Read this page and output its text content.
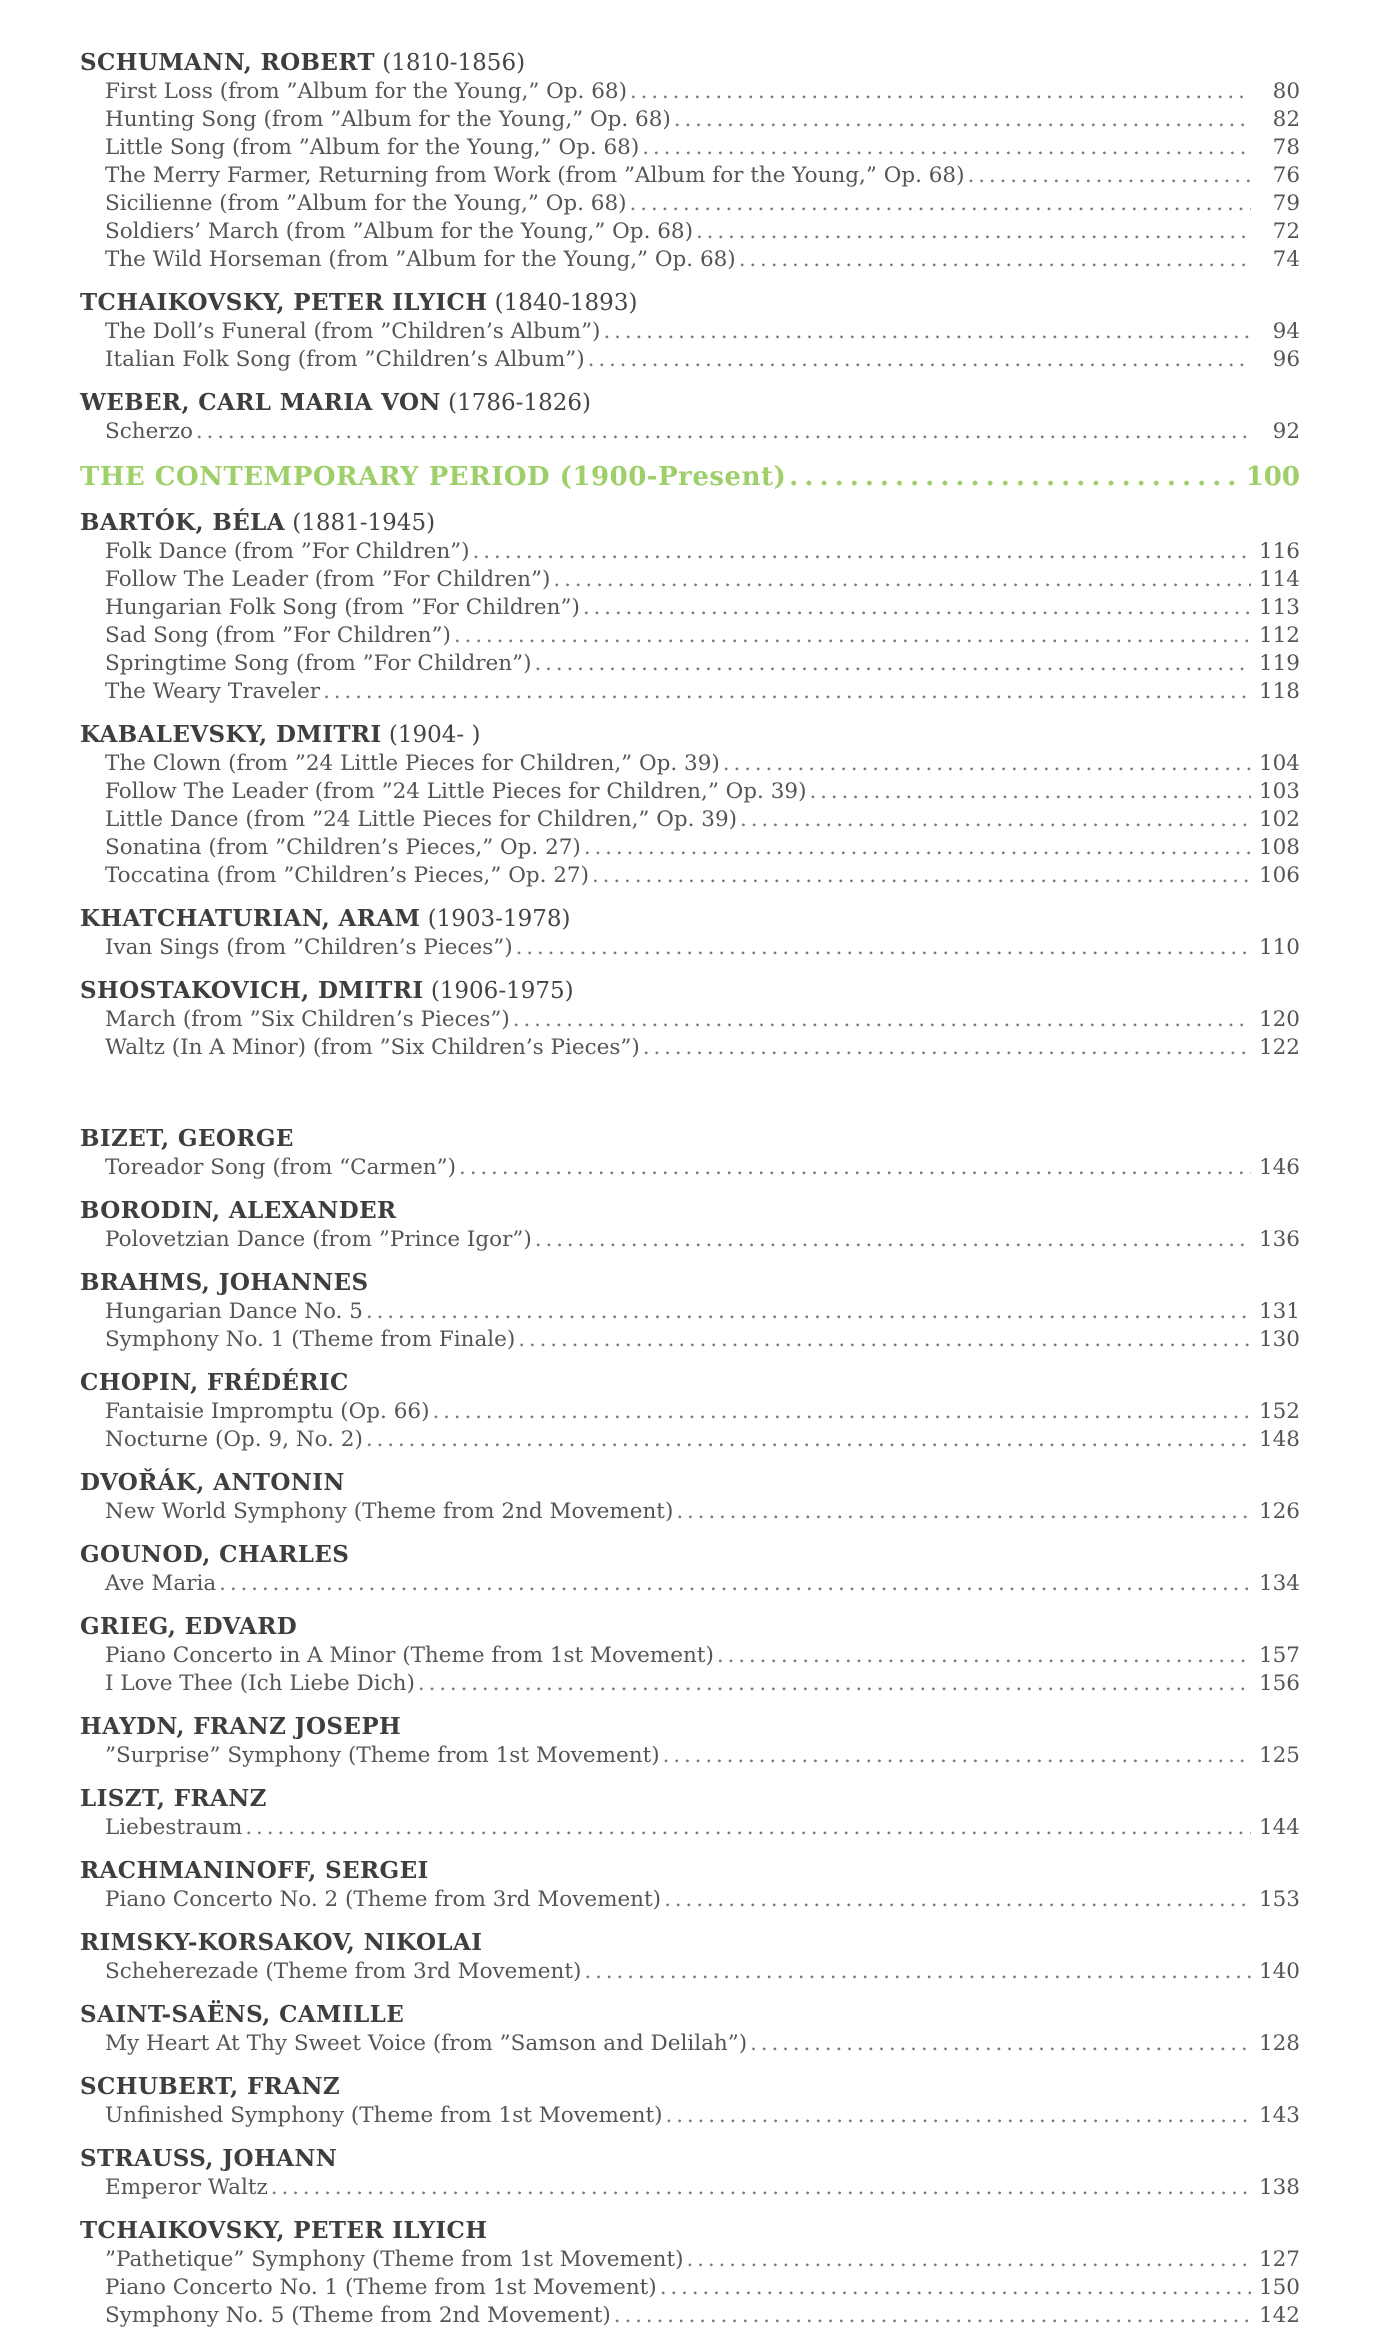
SCHUMANN, ROBERT (1810-1856)
First Loss (from ”Album for the Young,” Op. 68) . . .	80
Hunting Song (from ”Album for the Young,” Op. 68) . . .	82
Little Song (from ”Album for the Young,” Op. 68) . . .	78
The Merry Farmer, Returning from Work (from ”Album for the Young,” Op. 68) . . .	76
Sicilienne (from ”Album for the Young,” Op. 68) . . .	79
Soldiers’ March (from ”Album for the Young,” Op. 68) . . .	72
The Wild Horseman (from ”Album for the Young,” Op. 68) . . .	74
TCHAIKOVSKY, PETER ILYICH (1840-1893)
The Doll’s Funeral (from ”Children’s Album”) . . .	94
Italian Folk Song (from ”Children’s Album”) . . .	96
WEBER, CARL MARIA VON (1786-1826)
Scherzo . . .	92
THE CONTEMPORARY PERIOD (1900-Present) . . .	100
BARTÓK, BÉLA (1881-1945)
Folk Dance (from ”For Children”) . . .	116
Follow The Leader (from ”For Children”) . . .	114
Hungarian Folk Song (from ”For Children”) . . .	113
Sad Song (from ”For Children”) . . .	112
Springtime Song (from ”For Children”) . . .	119
The Weary Traveler . . .	118
KABALEVSKY, DMITRI (1904- )
The Clown (from ”24 Little Pieces for Children,” Op. 39) . . .	104
Follow The Leader (from ”24 Little Pieces for Children,” Op. 39) . . .	103
Little Dance (from ”24 Little Pieces for Children,” Op. 39) . . .	102
Sonatina (from ”Children’s Pieces,” Op. 27) . . .	108
Toccatina (from ”Children’s Pieces,” Op. 27) . . .	106
KHATCHATURIAN, ARAM (1903-1978)
Ivan Sings (from ”Children’s Pieces”) . . .	110
SHOSTAKOVICH, DMITRI (1906-1975)
March (from ”Six Children’s Pieces”) . . .	120
Waltz (In A Minor) (from ”Six Children’s Pieces”) . . .	122
BIZET, GEORGE
Toreador Song (from “Carmen”) . . .	146
BORODIN, ALEXANDER
Polovetzian Dance (from ”Prince Igor”) . . .	136
BRAHMS, JOHANNES
Hungarian Dance No. 5 . . .	131
Symphony No. 1 (Theme from Finale) . . .	130
CHOPIN, FRÉDÉRIC
Fantaisie Impromptu (Op. 66) . . .	152
Nocturne (Op. 9, No. 2) . . .	148
DVOŘÁK, ANTONIN
New World Symphony (Theme from 2nd Movement) . . .	126
GOUNOD, CHARLES
Ave Maria . . .	134
GRIEG, EDVARD
Piano Concerto in A Minor (Theme from 1st Movement) . . .	157
I Love Thee (Ich Liebe Dich) . . .	156
HAYDN, FRANZ JOSEPH
”Surprise” Symphony (Theme from 1st Movement) . . .	125
LISZT, FRANZ
Liebestraum . . .	144
RACHMANINOFF, SERGEI
Piano Concerto No. 2 (Theme from 3rd Movement) . . .	153
RIMSKY-KORSAKOV, NIKOLAI
Scheherezade (Theme from 3rd Movement) . . .	140
SAINT-SAËNS, CAMILLE
My Heart At Thy Sweet Voice (from ”Samson and Delilah”) . . .	128
SCHUBERT, FRANZ
Unfinished Symphony (Theme from 1st Movement) . . .	143
STRAUSS, JOHANN
Emperor Waltz . . .	138
TCHAIKOVSKY, PETER ILYICH
”Pathetique” Symphony (Theme from 1st Movement) . . .	127
Piano Concerto No. 1 (Theme from 1st Movement) . . .	150
Symphony No. 5 (Theme from 2nd Movement) . . .	142
